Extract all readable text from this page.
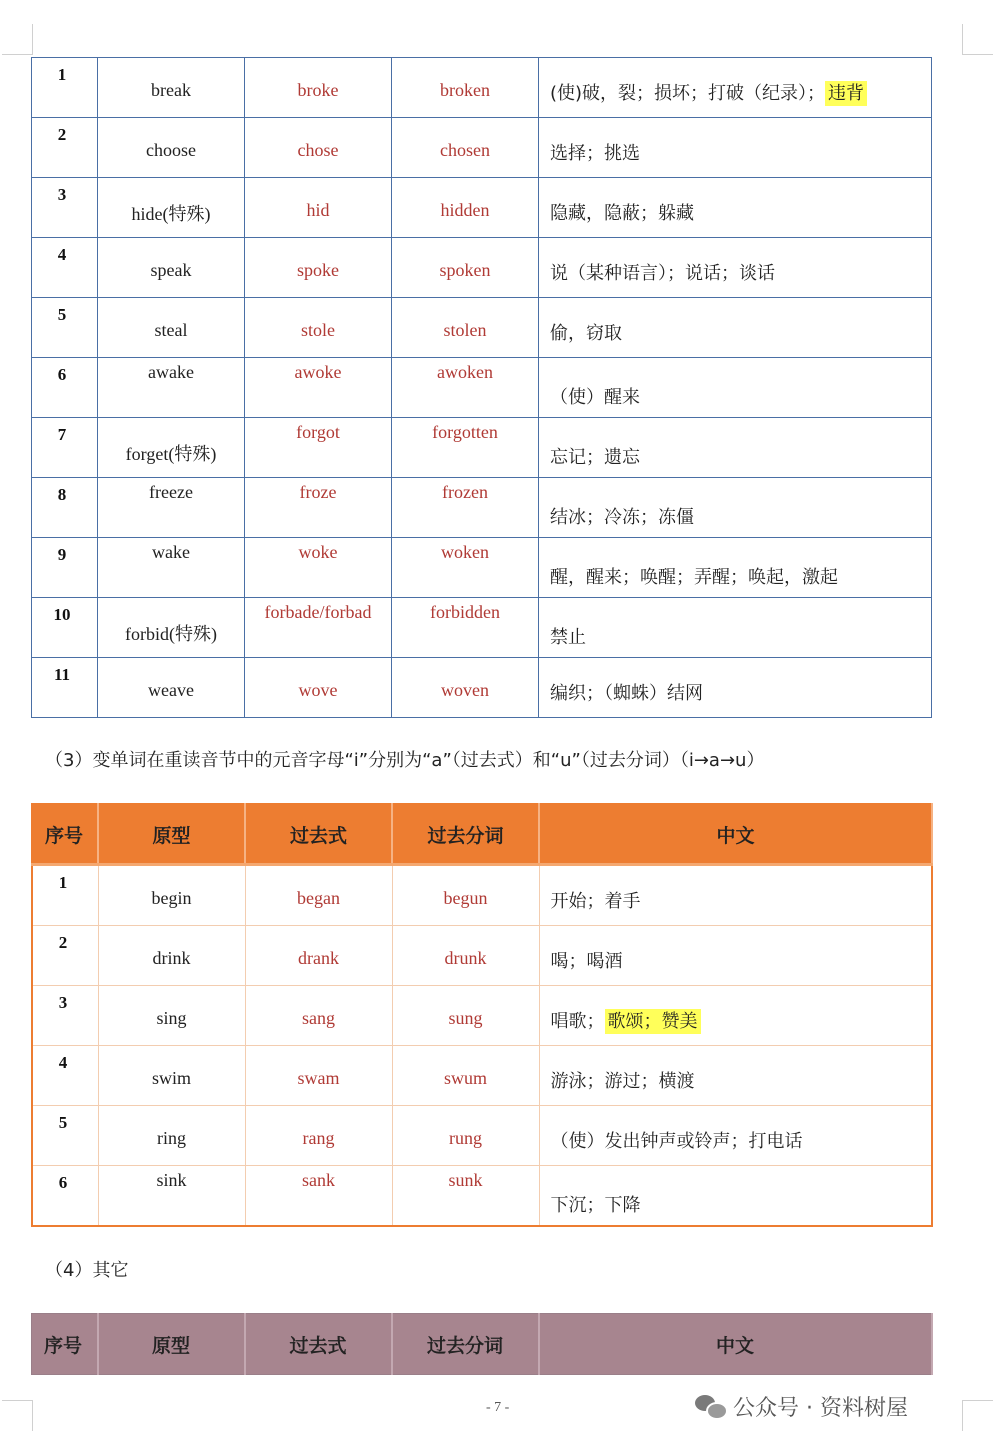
1	break	broke	broken	(使)破，裂；损坏；打破（纪录）； 违背

2	choose	chose	chosen	选择；挑选

3	hide(特殊)	hid	hidden	隐藏，隐蔽；躲藏

4	speak	spoke	spoken	说（某种语言）；说话；谈话

5	steal	stole	stolen	偷，窃取

6	awake	awoke	awoken	（使）醒来

7	forget(特殊)	forgot	forgotten	忘记；遗忘

8	freeze	froze	frozen	结冰；冷冻；冻僵

9	wake	woke	woken	醒，醒来；唤醒；弄醒；唤起，激起

10	forbid(特殊)	forbade/forbad	forbidden	禁止

11	weave	wove	woven	编织；（蜘蛛）结网
（3）变单词在重读音节中的元音字母“i”分别为“a”（过去式）和“u”（过去分词）（i→a→u）
序号	原型	过去式	过去分词	中文

1	begin	began	begun	开始；着手

2	drink	drank	drunk	喝；喝酒

3	sing	sang	sung	唱歌； 歌颂；赞美

4	swim	swam	swum	游泳；游过；横渡

5	ring	rang	rung	（使）发出钟声或铃声；打电话

6	sink	sank	sunk	下沉；下降
（4）其它
序号	原型	过去式	过去分词	中文
- 7 -	公众号 · 资料树屋
